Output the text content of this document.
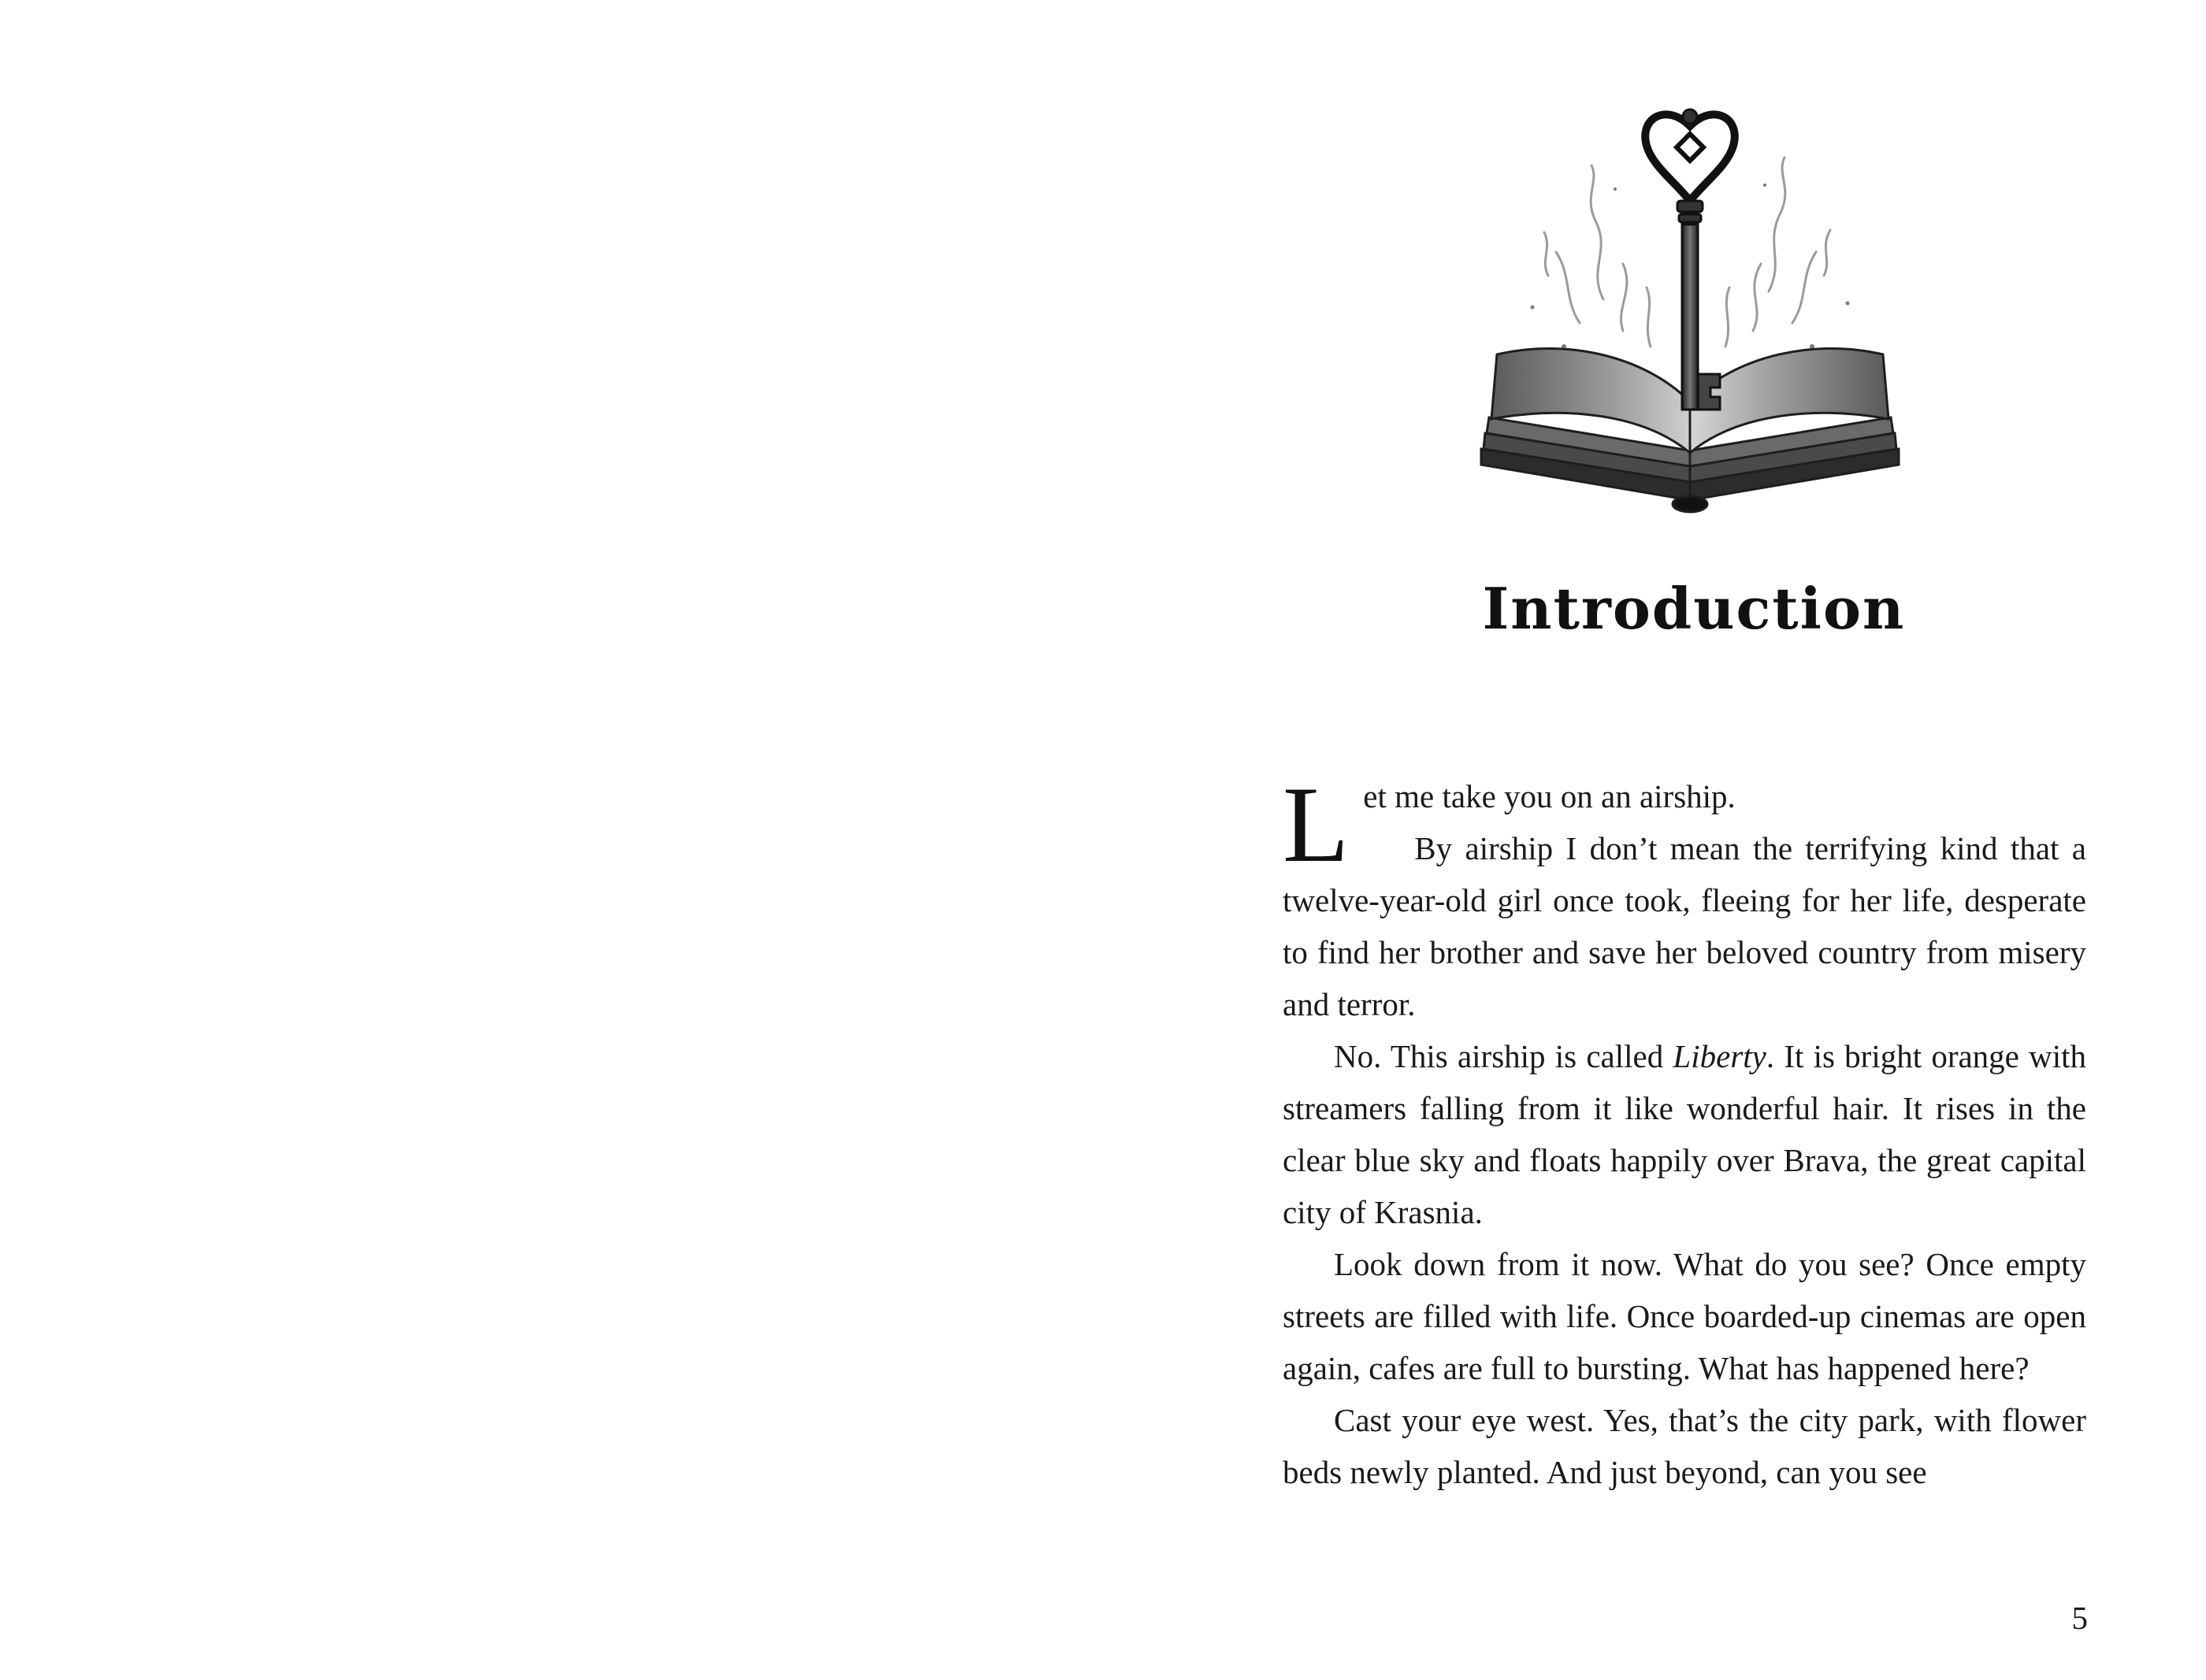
Introduction

L et me take you on an airship.
By airship I don’t mean the terrifying kind that a twelve-year-old girl once took, fleeing for her life, desperate to find her brother and save her beloved country from misery and terror.

No. This airship is called Liberty. It is bright orange with streamers falling from it like wonderful hair. It rises in the clear blue sky and floats happily over Brava, the great capital city of Krasnia.

Look down from it now. What do you see? Once empty streets are filled with life. Once boarded-up cinemas are open again, cafes are full to bursting. What has happened here?

Cast your eye west. Yes, that’s the city park, with flower beds newly planted. And just beyond, can you see

5
